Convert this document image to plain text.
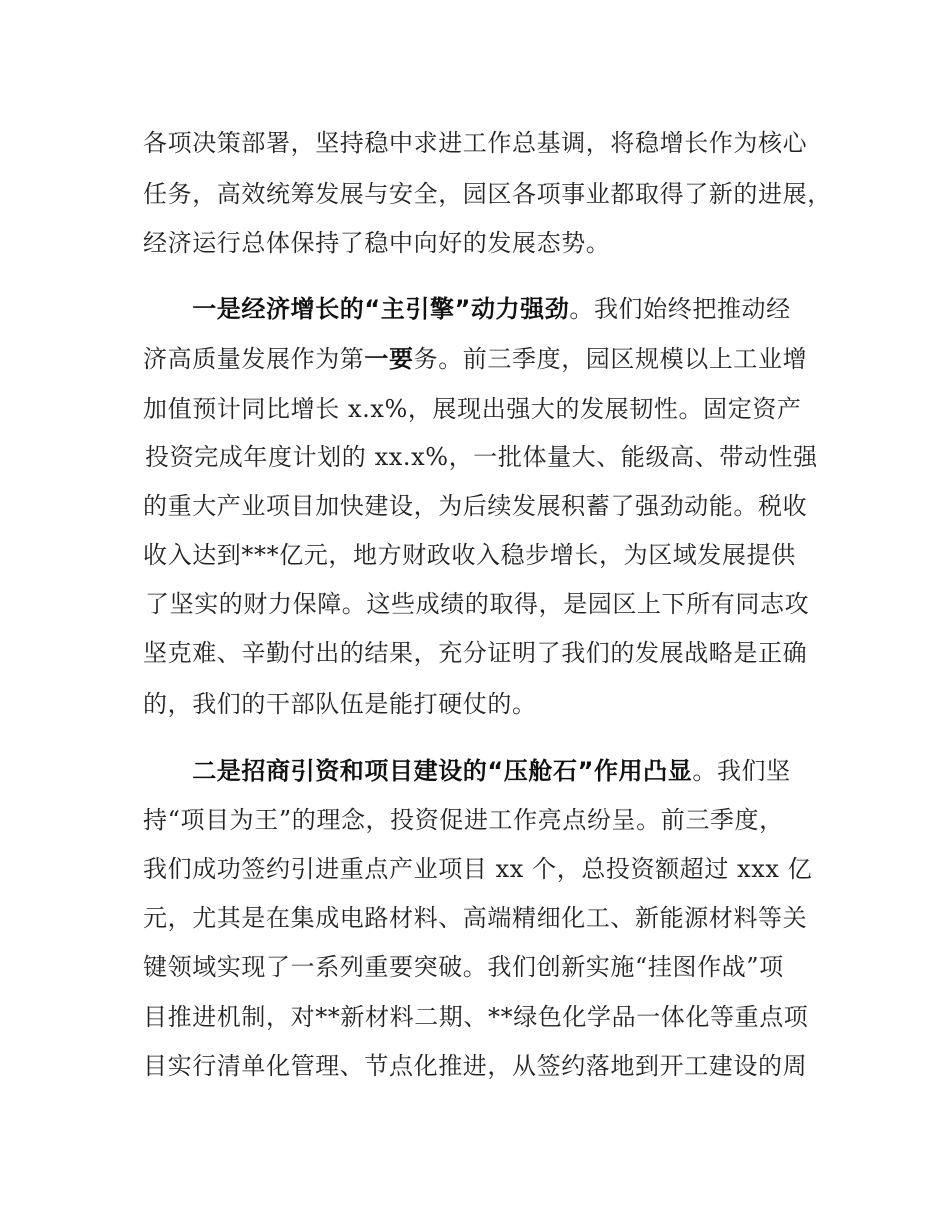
各项决策部署，坚持稳中求进工作总基调，将稳增长作为核心
任务，高效统筹发展与安全，园区各项事业都取得了新的进展，
经济运行总体保持了稳中向好的发展态势。
　　一是经济增长的“主引擎”动力强劲。我们始终把推动经
济高质量发展作为第一要务。前三季度，园区规模以上工业增
加值预计同比增长 x.x%，展现出强大的发展韧性。固定资产
投资完成年度计划的 xx.x%，一批体量大、能级高、带动性强
的重大产业项目加快建设，为后续发展积蓄了强劲动能。税收
收入达到***亿元，地方财政收入稳步增长，为区域发展提供
了坚实的财力保障。这些成绩的取得，是园区上下所有同志攻
坚克难、辛勤付出的结果，充分证明了我们的发展战略是正确
的，我们的干部队伍是能打硬仗的。
　　二是招商引资和项目建设的“压舱石”作用凸显。我们坚
持“项目为王”的理念，投资促进工作亮点纷呈。前三季度，
我们成功签约引进重点产业项目 xx 个，总投资额超过 xxx 亿
元，尤其是在集成电路材料、高端精细化工、新能源材料等关
键领域实现了一系列重要突破。我们创新实施“挂图作战”项
目推进机制，对**新材料二期、**绿色化学品一体化等重点项
目实行清单化管理、节点化推进，从签约落地到开工建设的周
